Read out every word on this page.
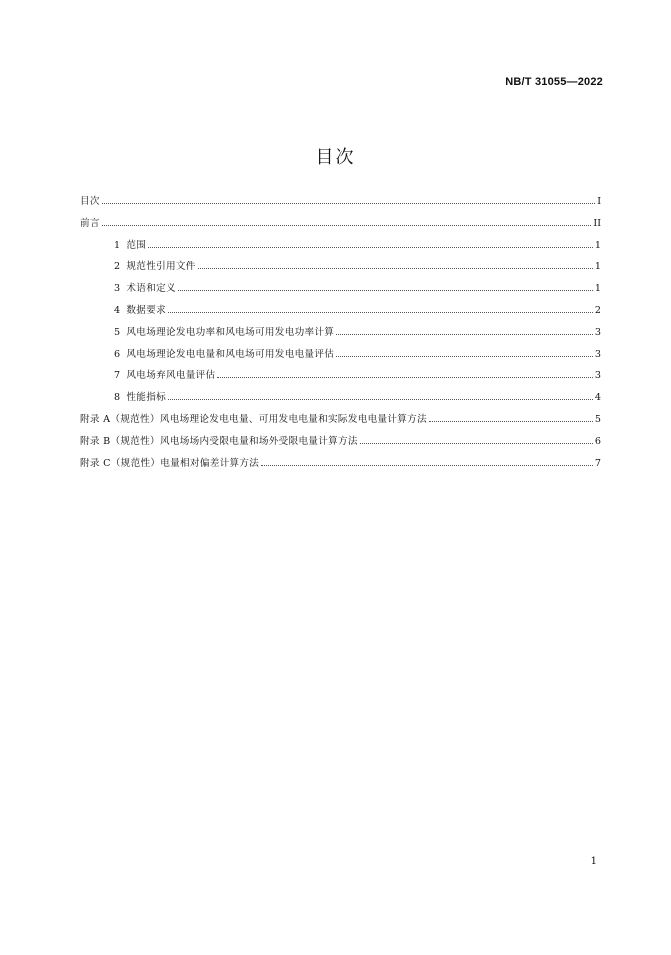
NB/T 31055—2022
目次
目次	I
前言	II
1 范围	1
2 规范性引用文件	1
3 术语和定义	1
4 数据要求	2
5 风电场理论发电功率和风电场可用发电功率计算	3
6 风电场理论发电电量和风电场可用发电电量评估	3
7 风电场弃风电量评估	3
8 性能指标	4
附录 A（规范性）风电场理论发电电量、可用发电电量和实际发电电量计算方法	5
附录 B（规范性）风电场场内受限电量和场外受限电量计算方法	6
附录 C（规范性）电量相对偏差计算方法	7
1
